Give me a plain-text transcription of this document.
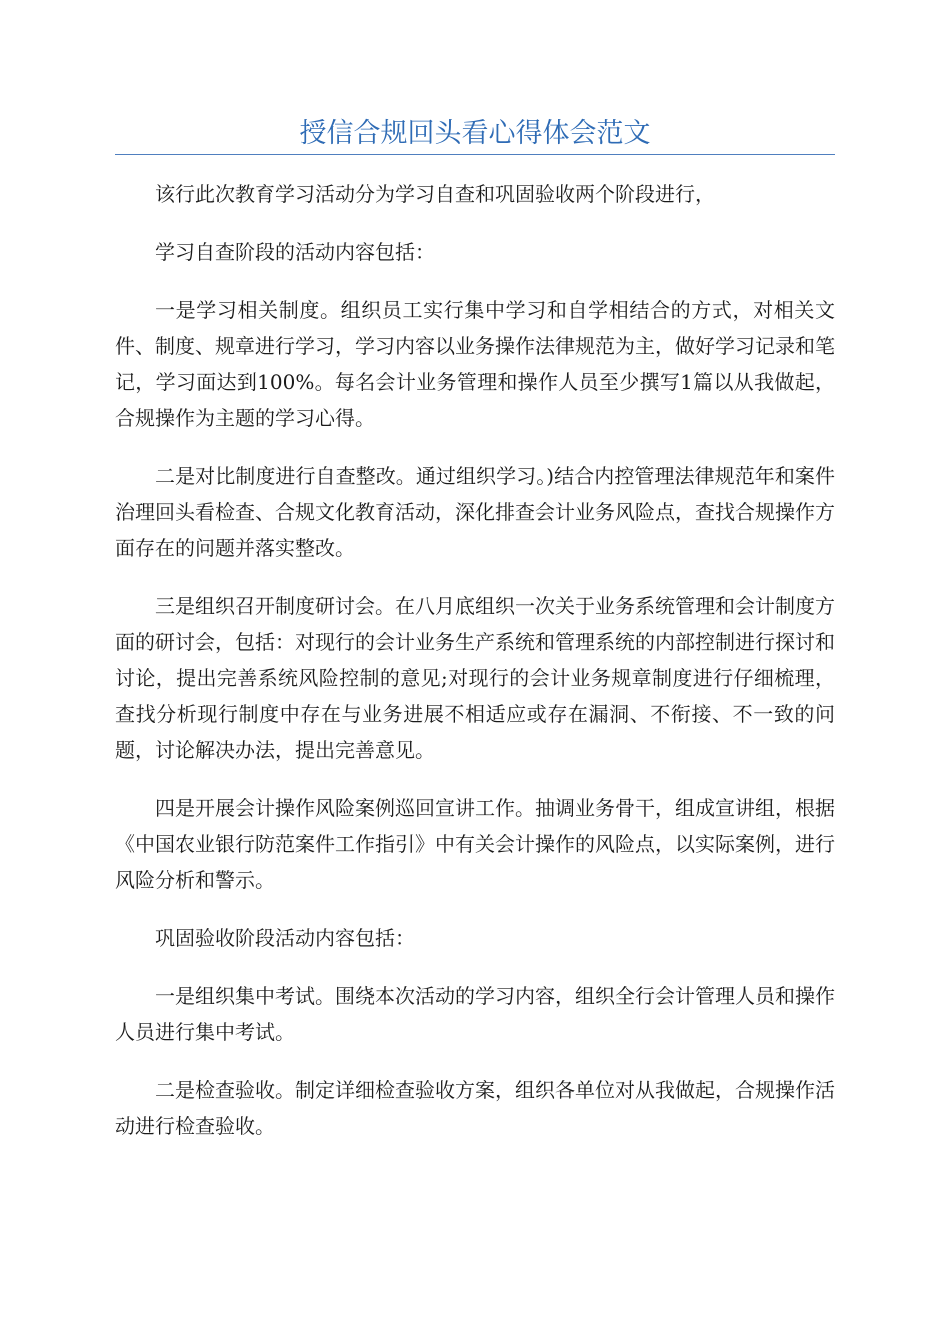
授信合规回头看心得体会范文

该行此次教育学习活动分为学习自查和巩固验收两个阶段进行，

学习自查阶段的活动内容包括：

一是学习相关制度。组织员工实行集中学习和自学相结合的方式，对相关文件、制度、规章进行学习，学习内容以业务操作法律规范为主，做好学习记录和笔记，学习面达到100%。每名会计业务管理和操作人员至少撰写1篇以从我做起，合规操作为主题的学习心得。

二是对比制度进行自查整改。通过组织学习。)结合内控管理法律规范年和案件治理回头看检查、合规文化教育活动，深化排查会计业务风险点，查找合规操作方面存在的问题并落实整改。

三是组织召开制度研讨会。在八月底组织一次关于业务系统管理和会计制度方面的研讨会，包括：对现行的会计业务生产系统和管理系统的内部控制进行探讨和讨论，提出完善系统风险控制的意见;对现行的会计业务规章制度进行仔细梳理，查找分析现行制度中存在与业务进展不相适应或存在漏洞、不衔接、不一致的问题，讨论解决办法，提出完善意见。

四是开展会计操作风险案例巡回宣讲工作。抽调业务骨干，组成宣讲组，根据《中国农业银行防范案件工作指引》中有关会计操作的风险点，以实际案例，进行风险分析和警示。

巩固验收阶段活动内容包括：

一是组织集中考试。围绕本次活动的学习内容，组织全行会计管理人员和操作人员进行集中考试。

二是检查验收。制定详细检查验收方案，组织各单位对从我做起，合规操作活动进行检查验收。
